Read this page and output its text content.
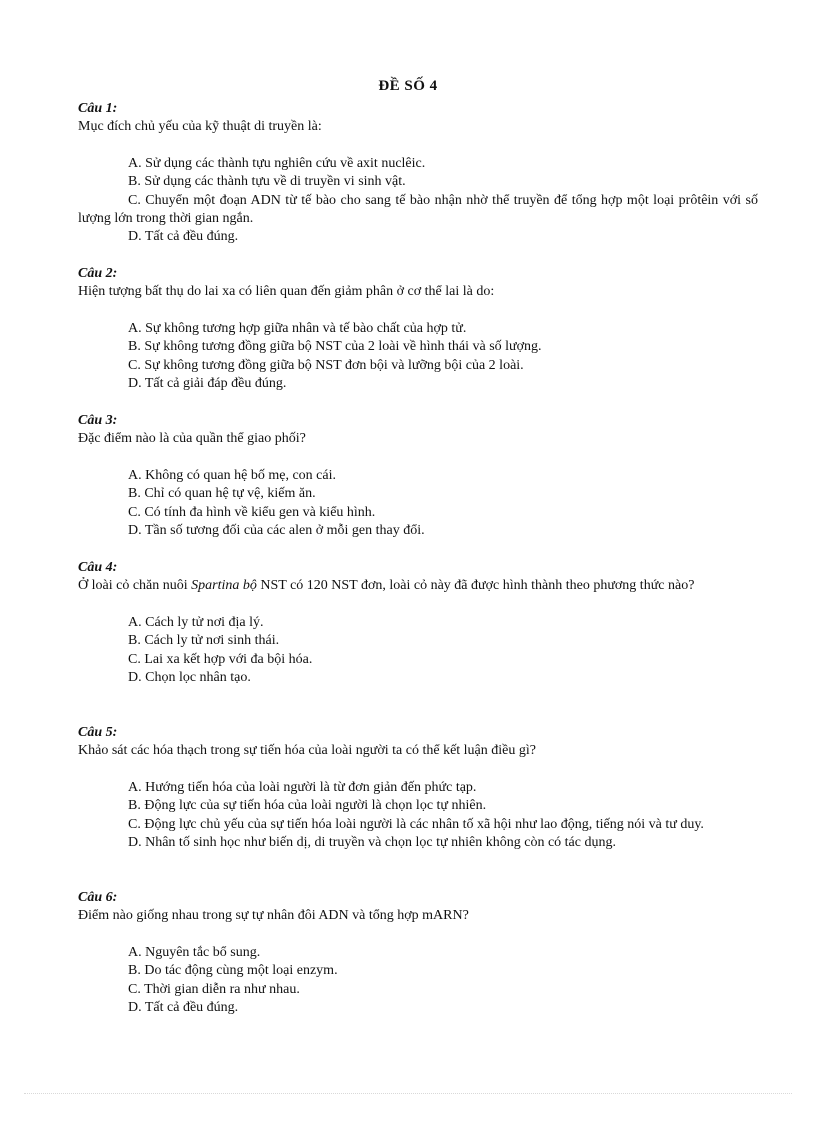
ĐỀ SỐ 4
Câu 1:
Mục đích chủ yếu của kỹ thuật di truyền là:
A. Sử dụng các thành tựu nghiên cứu về axit nuclêic.
B. Sử dụng các thành tựu về di truyền vi sinh vật.
C. Chuyển một đoạn ADN từ tế bào cho sang tế bào nhận nhờ thể truyền để tổng hợp một loại prôtêin với số lượng lớn trong thời gian ngắn.
D. Tất cả đều đúng.
Câu 2:
Hiện tượng bất thụ do lai xa có liên quan đến giảm phân ở cơ thể lai là do:
A. Sự không tương hợp giữa nhân và tế bào chất của hợp tử.
B. Sự không tương đồng giữa bộ NST của 2 loài về hình thái và số lượng.
C. Sự không tương đồng giữa bộ NST đơn bội và lưỡng bội của 2 loài.
D. Tất cả giải đáp đều đúng.
Câu 3:
Đặc điểm nào là của quần thể giao phối?
A. Không có quan hệ bố mẹ, con cái.
B. Chỉ có quan hệ tự vệ, kiếm ăn.
C. Có tính đa hình về kiểu gen và kiểu hình.
D. Tần số tương đối của các alen ở mỗi gen thay đổi.
Câu 4:
Ở loài cỏ chăn nuôi Spartina bộ NST có 120 NST đơn, loài cỏ này đã được hình thành theo phương thức nào?
A. Cách ly tử nơi địa lý.
B. Cách ly tử nơi sinh thái.
C. Lai xa kết hợp với đa bội hóa.
D. Chọn lọc nhân tạo.
Câu 5:
Khảo sát các hóa thạch trong sự tiến hóa của loài người ta có thể kết luận điều gì?
A. Hướng tiến hóa của loài người là từ đơn giản đến phức tạp.
B. Động lực của sự tiến hóa của loài người là chọn lọc tự nhiên.
C. Động lực chủ yếu của sự tiến hóa loài người là các nhân tố xã hội như lao động, tiếng nói và tư duy.
D. Nhân tố sinh học như biến dị, di truyền và chọn lọc tự nhiên không còn có tác dụng.
Câu 6:
Điểm nào giống nhau trong sự tự nhân đôi ADN và tổng hợp mARN?
A. Nguyên tắc bổ sung.
B. Do tác động cùng một loại enzym.
C. Thời gian diễn ra như nhau.
D. Tất cả đều đúng.
